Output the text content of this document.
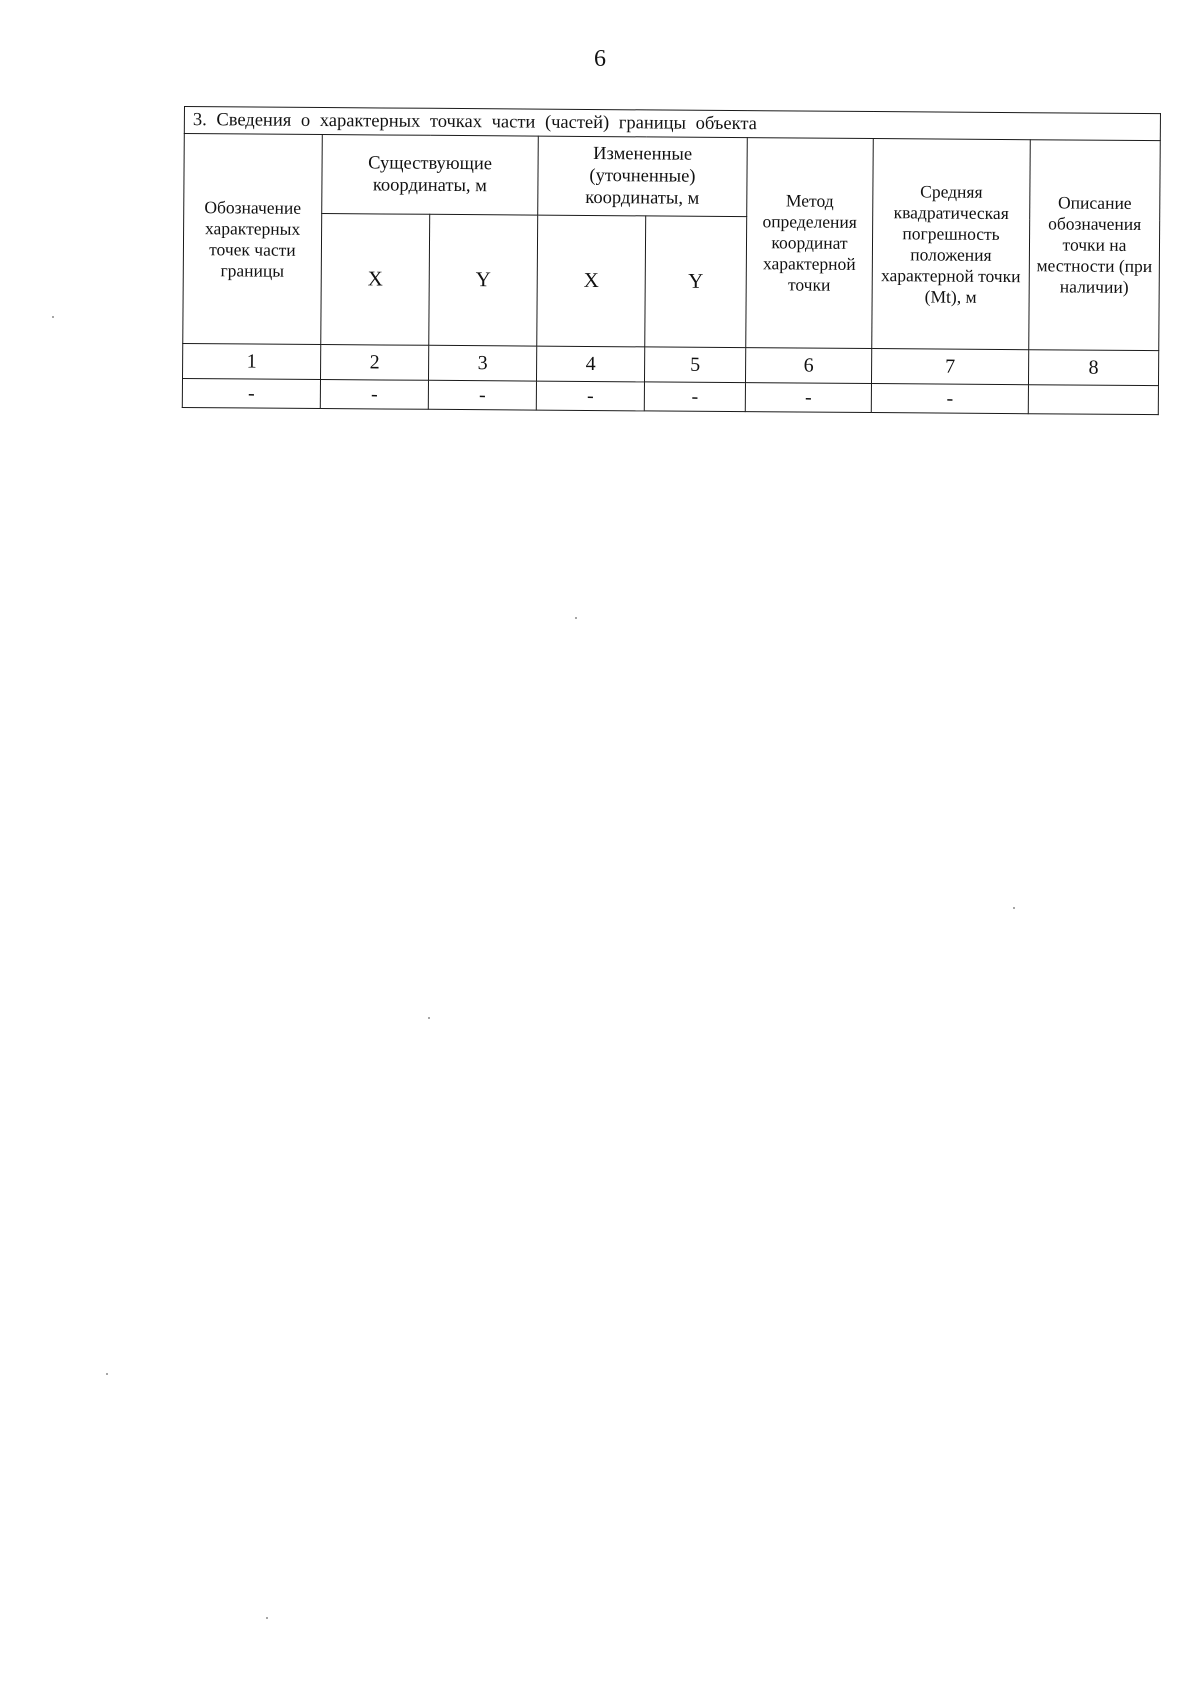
6
3. Сведения о характерных точках части (частей) границы объекта							
Обозначение характерных точек части границы	Существующие координаты, м		Измененные (уточненные) координаты, м		Метод определения координат характерной точки	Средняя квадратическая погрешность положения характерной точки (Mt), м	Описание обозначения точки на местности (при наличии)
	X	Y	X	Y			
1	2	3	4	5	6	7	8
-	-	-	-	-	-	-	
